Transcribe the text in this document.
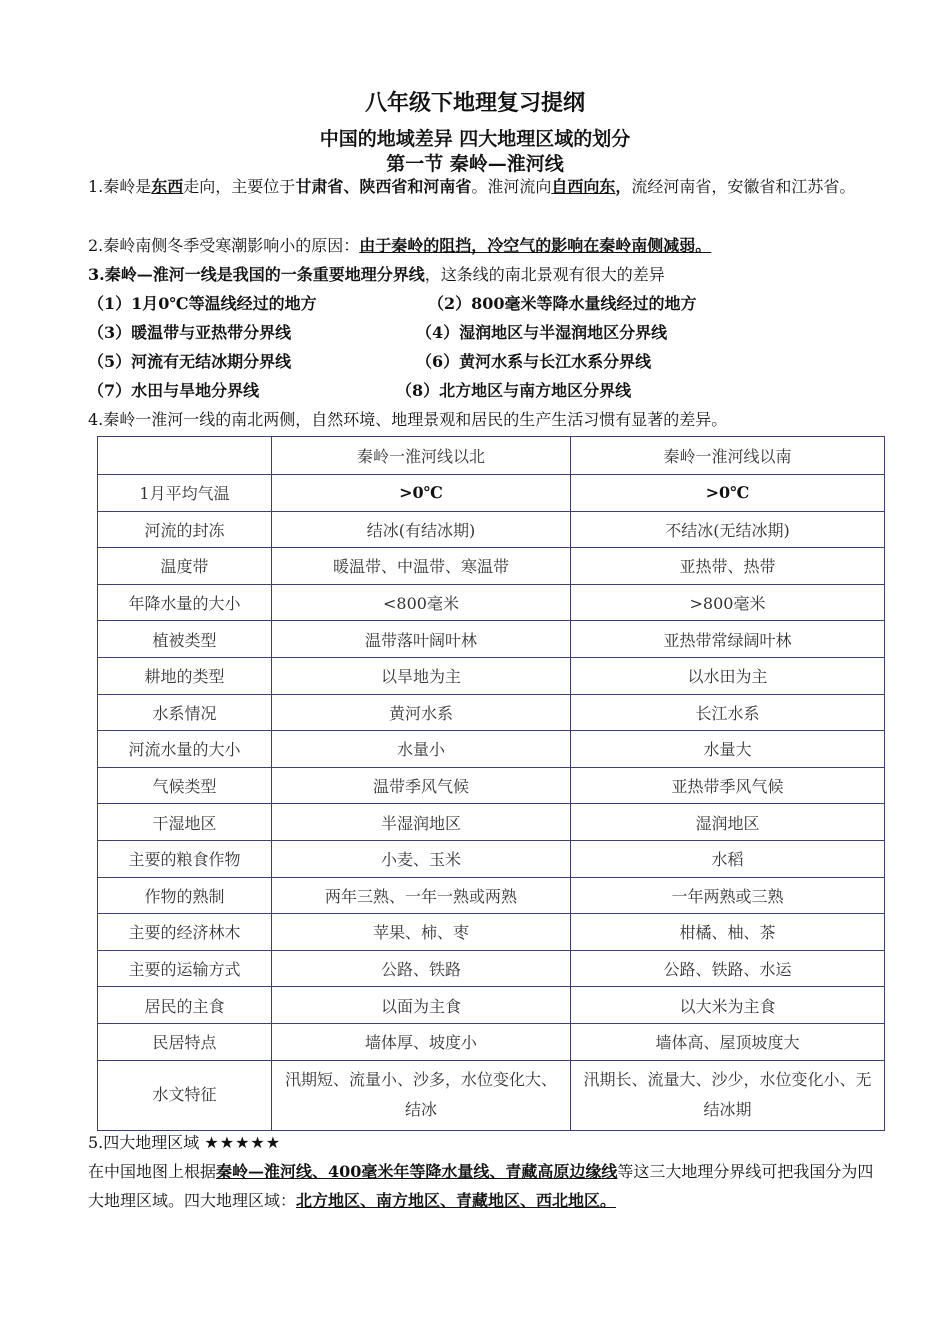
八年级下地理复习提纲
中国的地域差异 四大地理区域的划分
第一节 秦岭—淮河线
1.秦岭是东西走向，主要位于甘肃省、陕西省和河南省。淮河流向自西向东，流经河南省，安徽省和江苏省。
2.秦岭南侧冬季受寒潮影响小的原因：由于秦岭的阻挡，冷空气的影响在秦岭南侧减弱。
3.秦岭—淮河一线是我国的一条重要地理分界线，这条线的南北景观有很大的差异
（1）1月0℃等温线经过的地方	（2）800毫米等降水量线经过的地方
（3）暖温带与亚热带分界线	（4）湿润地区与半湿润地区分界线
（5）河流有无结冰期分界线	（6）黄河水系与长江水系分界线
（7）水田与旱地分界线	（8）北方地区与南方地区分界线
4.秦岭一淮河一线的南北两侧，自然环境、地理景观和居民的生产生活习惯有显著的差异。
	秦岭一淮河线以北	秦岭一淮河线以南
1月平均气温	>0℃	>0℃
河流的封冻	结冰(有结冰期)	不结冰(无结冰期)
温度带	暖温带、中温带、寒温带	亚热带、热带
年降水量的大小	<800毫米	>800毫米
植被类型	温带落叶阔叶林	亚热带常绿阔叶林
耕地的类型	以旱地为主	以水田为主
水系情况	黄河水系	长江水系
河流水量的大小	水量小	水量大
气候类型	温带季风气候	亚热带季风气候
干湿地区	半湿润地区	湿润地区
主要的粮食作物	小麦、玉米	水稻
作物的熟制	两年三熟、一年一熟或两熟	一年两熟或三熟
主要的经济林木	苹果、柿、枣	柑橘、柚、茶
主要的运输方式	公路、铁路	公路、铁路、水运
居民的主食	以面为主食	以大米为主食
民居特点	墙体厚、坡度小	墙体高、屋顶坡度大
水文特征	汛期短、流量小、沙多，水位变化大、结冰	汛期长、流量大、沙少，水位变化小、无结冰期
5.四大地理区域 ★★★★★
在中国地图上根据秦岭—淮河线、400毫米年等降水量线、青藏高原边缘线等这三大地理分界线可把我国分为四大地理区域。四大地理区域：北方地区、南方地区、青藏地区、西北地区。
